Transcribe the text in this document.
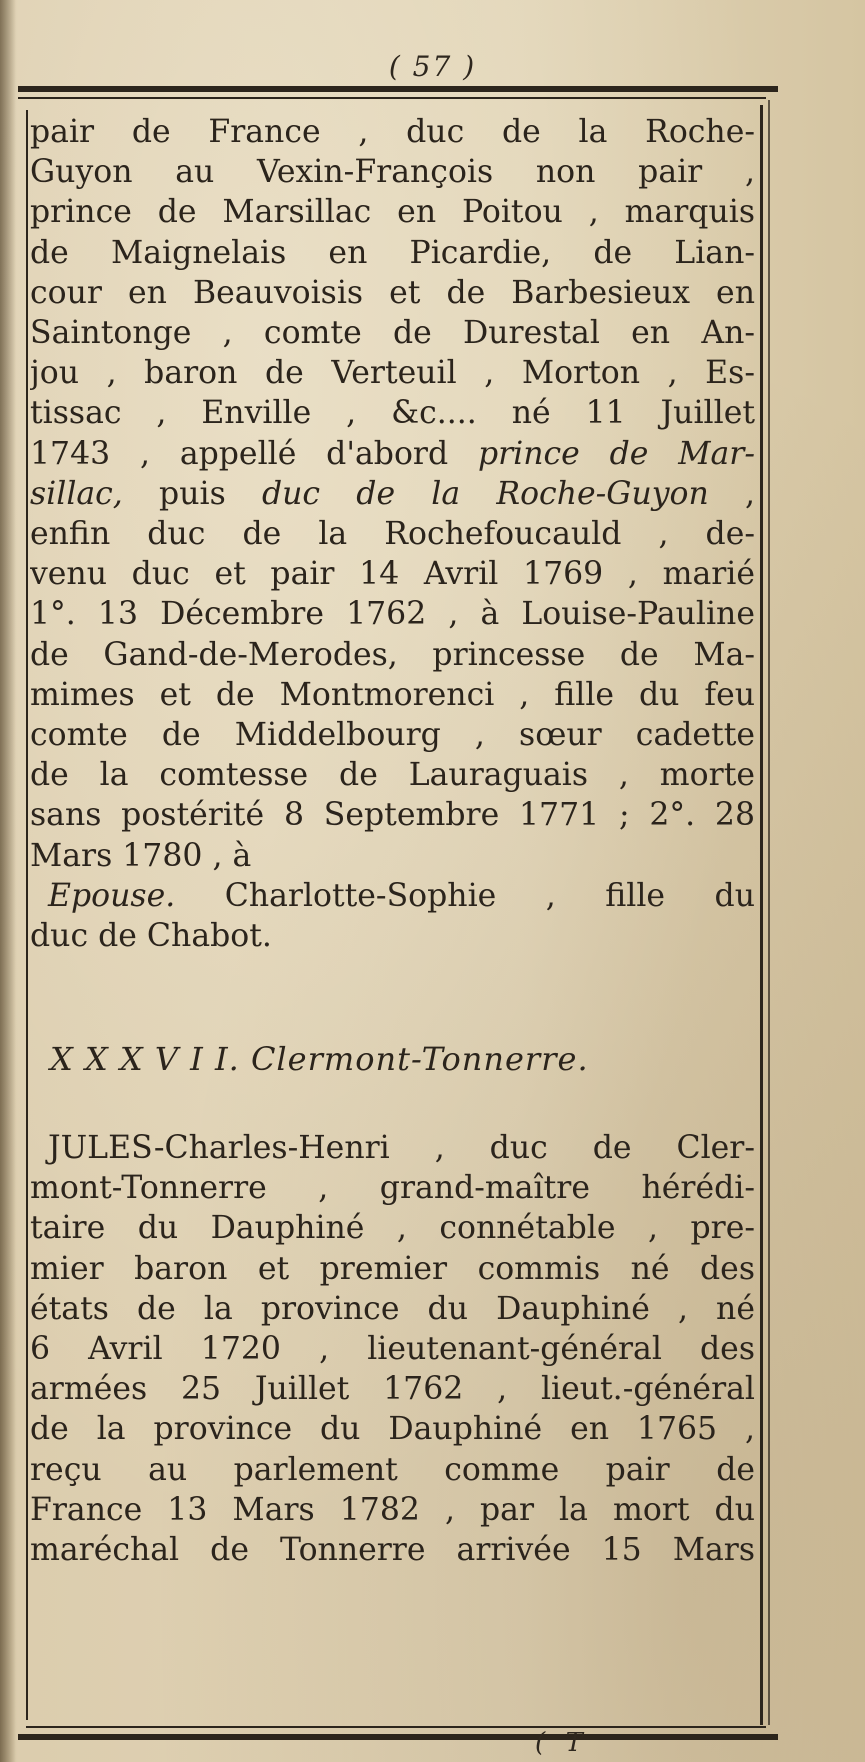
( 57 )
pair de France , duc de la Roche-
Guyon au Vexin-François non pair ,
prince de Marsillac en Poitou , marquis
de Maignelais en Picardie, de Lian-
cour en Beauvoisis et de Barbesieux en
Saintonge , comte de Durestal en An-
jou , baron de Verteuil , Morton , Es-
tissac , Enville , &c.... né 11 Juillet
1743 , appellé d'abord prince de Mar-
sillac, puis duc de la Roche-Guyon ,
enfin duc de la Rochefoucauld , de-
venu duc et pair 14 Avril 1769 , marié
1°. 13 Décembre 1762 , à Louise-Pauline
de Gand-de-Merodes, princesse de Ma-
mimes et de Montmorenci , fille du feu
comte de Middelbourg , sœur cadette
de la comtesse de Lauraguais , morte
sans postérité 8 Septembre 1771 ; 2°. 28
Mars 1780 , à
Epouse. Charlotte-Sophie , fille du
duc de Chabot.
X X X V I I. Clermont-Tonnerre.
JULES-Charles-Henri , duc de Cler-
mont-Tonnerre , grand-maître hérédi-
taire du Dauphiné , connétable , pre-
mier baron et premier commis né des
états de la province du Dauphiné , né
6 Avril 1720 , lieutenant-général des
armées 25 Juillet 1762 , lieut.-général
de la province du Dauphiné en 1765 ,
reçu au parlement comme pair de
France 13 Mars 1782 , par la mort du
maréchal de Tonnerre arrivée 15 Mars
( T
